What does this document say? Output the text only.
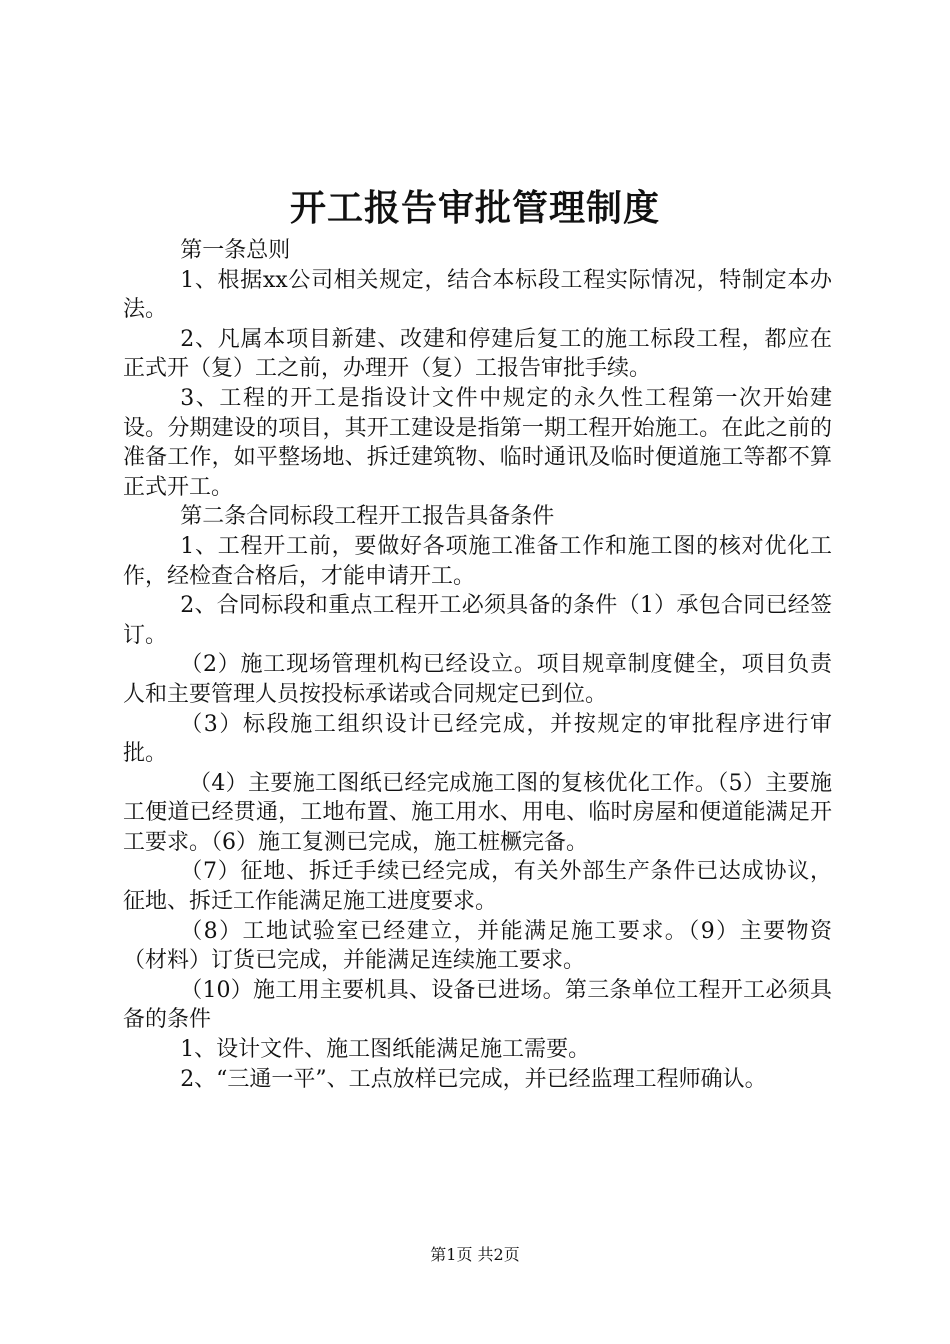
开工报告审批管理制度

第一条总则

1、根据xx公司相关规定，结合本标段工程实际情况，特制定本办法。

2、凡属本项目新建、改建和停建后复工的施工标段工程，都应在正式开（复）工之前，办理开（复）工报告审批手续。

3、工程的开工是指设计文件中规定的永久性工程第一次开始建设。分期建设的项目，其开工建设是指第一期工程开始施工。在此之前的准备工作，如平整场地、拆迁建筑物、临时通讯及临时便道施工等都不算正式开工。

第二条合同标段工程开工报告具备条件

1、工程开工前，要做好各项施工准备工作和施工图的核对优化工作，经检查合格后，才能申请开工。

2、合同标段和重点工程开工必须具备的条件（1）承包合同已经签订。

（2）施工现场管理机构已经设立。项目规章制度健全，项目负责人和主要管理人员按投标承诺或合同规定已到位。

（3）标段施工组织设计已经完成，并按规定的审批程序进行审批。

（4）主要施工图纸已经完成施工图的复核优化工作。（5）主要施工便道已经贯通，工地布置、施工用水、用电、临时房屋和便道能满足开工要求。（6）施工复测已完成，施工桩橛完备。

（7）征地、拆迁手续已经完成，有关外部生产条件已达成协议，征地、拆迁工作能满足施工进度要求。

（8）工地试验室已经建立，并能满足施工要求。（9）主要物资（材料）订货已完成，并能满足连续施工要求。

（10）施工用主要机具、设备已进场。第三条单位工程开工必须具备的条件

1、设计文件、施工图纸能满足施工需要。

2、“三通一平”、工点放样已完成，并已经监理工程师确认。

第1页 共2页
